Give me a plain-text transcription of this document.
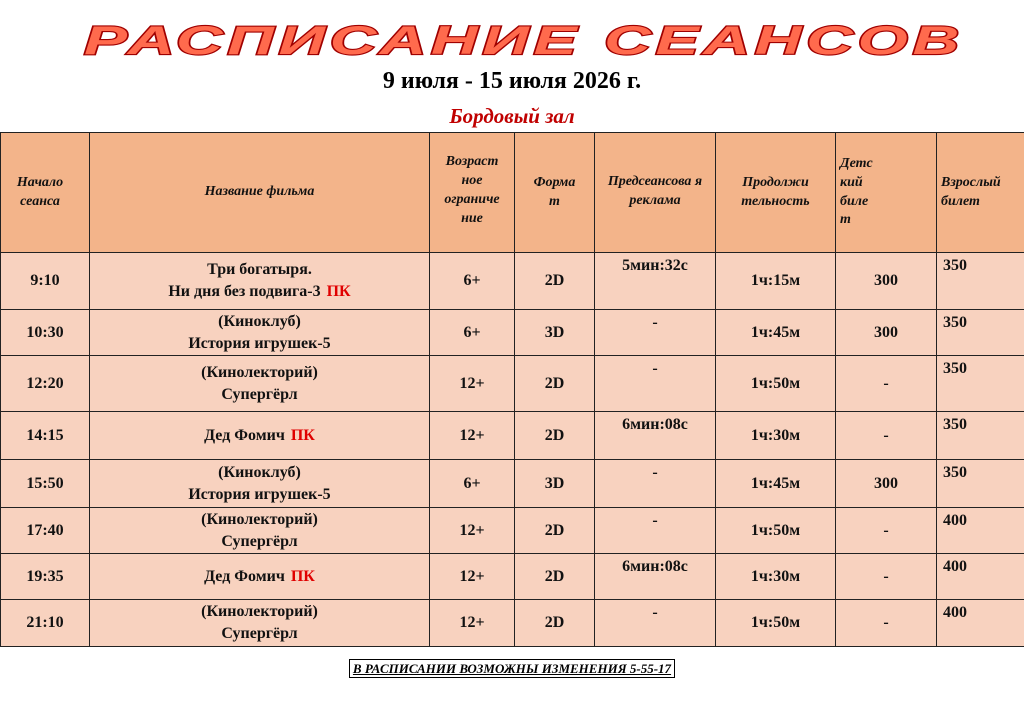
РАСПИСАНИЕ СЕАНСОВ
9 июля - 15 июля 2026 г.
Бордовый зал
Начало сеанса	Название фильма	Возраст ное ограниче ние	Форма т	Предсеансова я реклама	Продолжи тельность	Детс кий биле т	Взрослый билет

9:10	Три богатыря.
Ни дня без подвига-3 ПК	6+	2D	5мин:32с	1ч:15м	300	350
10:30	(Киноклуб)
История игрушек-5	6+	3D	-	1ч:45м	300	350
12:20	(Кинолекторий)
Супергёрл	12+	2D	-	1ч:50м	-	350
14:15	Дед Фомич ПК	12+	2D	6мин:08с	1ч:30м	-	350
15:50	(Киноклуб)
История игрушек-5	6+	3D	-	1ч:45м	300	350
17:40	(Кинолекторий)
Супергёрл	12+	2D	-	1ч:50м	-	400
19:35	Дед Фомич ПК	12+	2D	6мин:08с	1ч:30м	-	400
21:10	(Кинолекторий)
Супергёрл	12+	2D	-	1ч:50м	-	400
В РАСПИСАНИИ ВОЗМОЖНЫ ИЗМЕНЕНИЯ 5-55-17
